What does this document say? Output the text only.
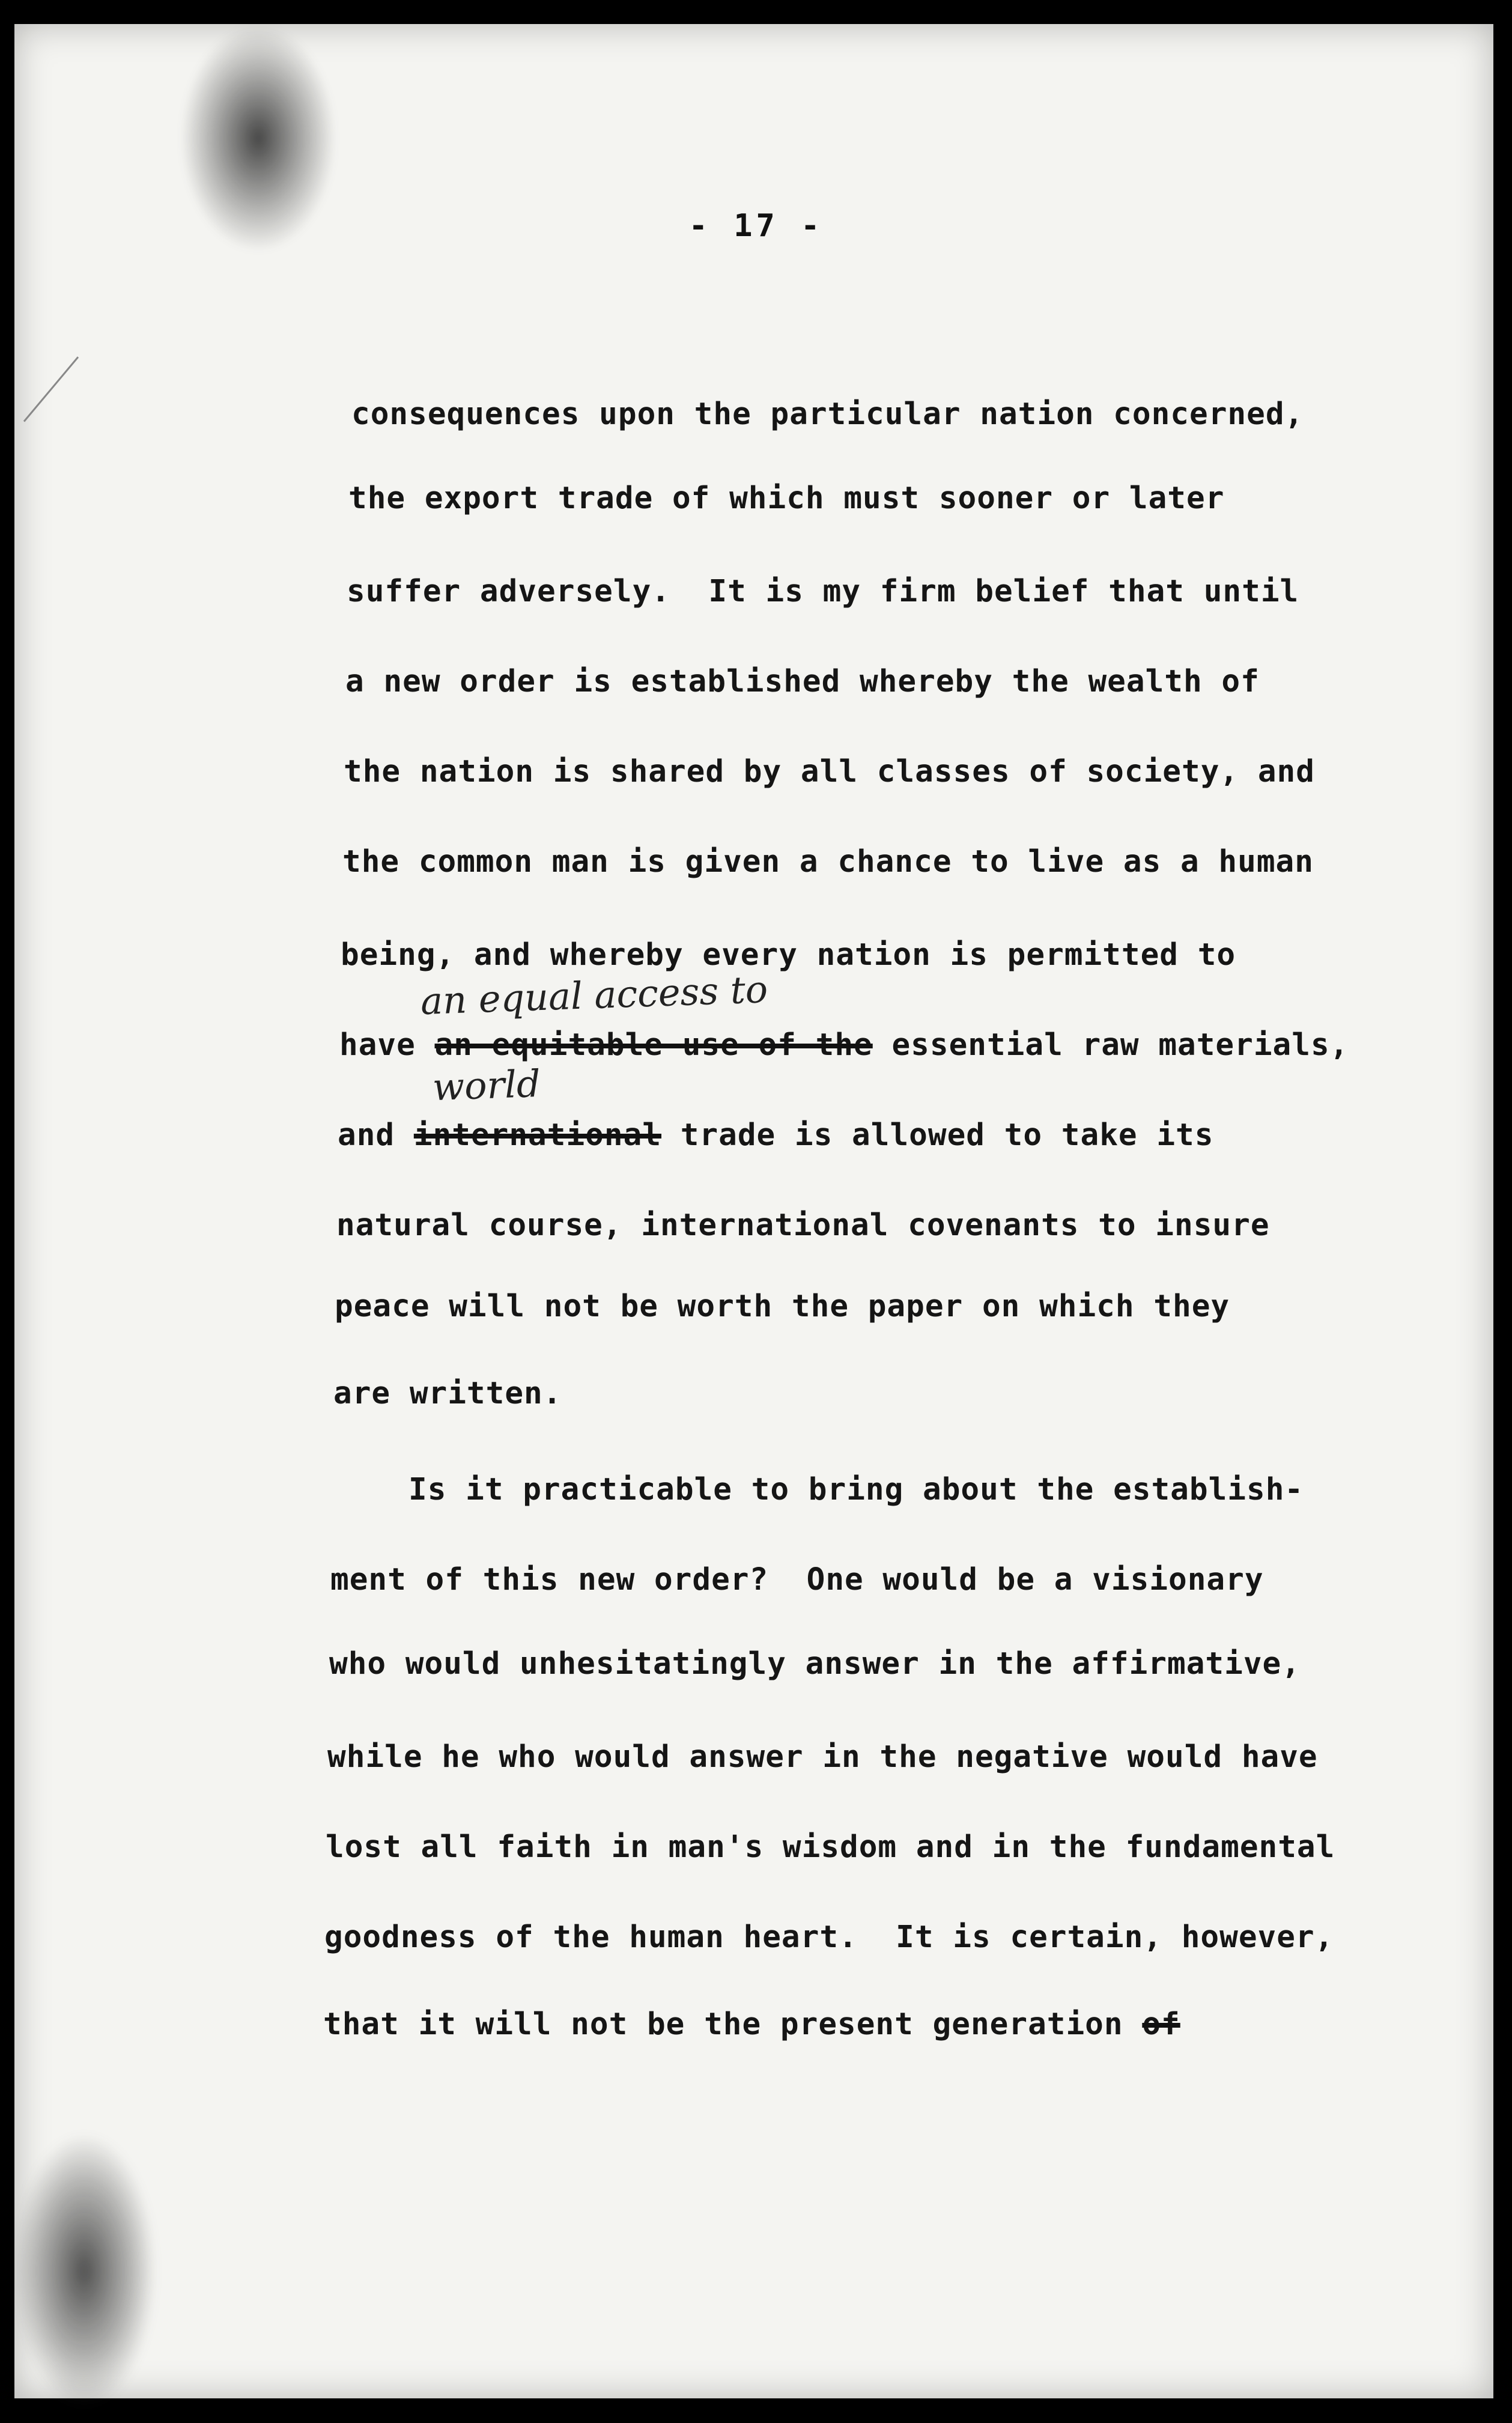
- 17 -
consequences upon the particular nation concerned,
the export trade of which must sooner or later
suffer adversely.  It is my firm belief that until
a new order is established whereby the wealth of
the nation is shared by all classes of society, and
the common man is given a chance to live as a human
being, and whereby every nation is permitted to
an equal access to
have an equitable use of the essential raw materials,
world
and international trade is allowed to take its
natural course, international covenants to insure
peace will not be worth the paper on which they
are written.
Is it practicable to bring about the establish-
ment of this new order?  One would be a visionary
who would unhesitatingly answer in the affirmative,
while he who would answer in the negative would have
lost all faith in man's wisdom and in the fundamental
goodness of the human heart.  It is certain, however,
that it will not be the present generation of
